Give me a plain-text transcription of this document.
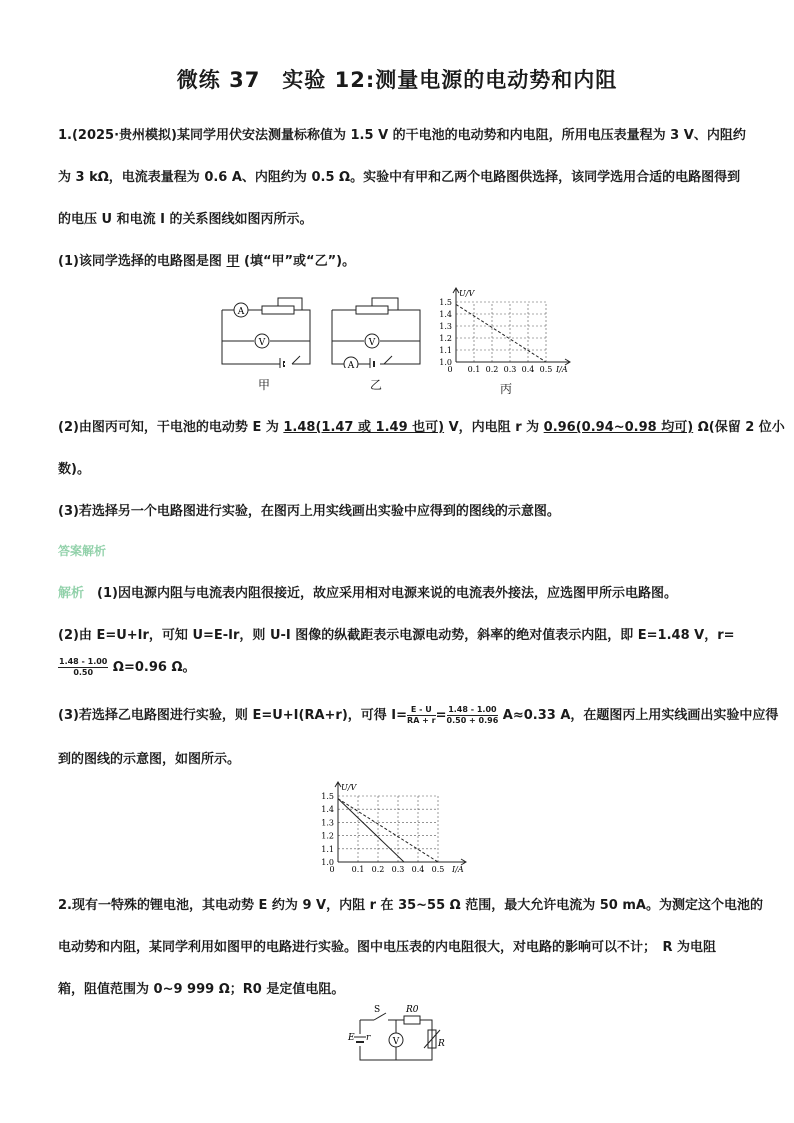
微练 37　实验 12:测量电源的电动势和内阻
1.(2025·贵州模拟)某同学用伏安法测量标称值为 1.5 V 的干电池的电动势和内电阻，所用电压表量程为 3 V、内阻约
为 3 kΩ，电流表量程为 0.6 A、内阻约为 0.5 Ω。实验中有甲和乙两个电路图供选择，该同学选用合适的电路图得到
的电压 U 和电流 I 的关系图线如图丙所示。
(1)该同学选择的电路图是图 甲 (填“甲”或“乙”)。
A
V
甲
A
V
乙
0 0.1 0.2 0.3 0.4 0.5
1.0
1.1
1.2
1.3
1.4
1.5
U/V
I/A
丙
(2)由图丙可知，干电池的电动势 E 为 1.48(1.47 或 1.49 也可) V，内电阻 r 为 0.96(0.94~0.98 均可) Ω(保留 2 位小
数)。
(3)若选择另一个电路图进行实验，在图丙上用实线画出实验中应得到的图线的示意图。
答案解析
解析　 (1)因电源内阻与电流表内阻很接近，故应采用相对电源来说的电流表外接法，应选图甲所示电路图。
(2)由 E=U+Ir，可知 U=E-Ir，则 U-I 图像的纵截距表示电源电动势，斜率的绝对值表示内阻，即 E=1.48 V，r=
$\frac{1.48 - 1.00}{0.50} \Omega=0.96$ Ω。
(3)若选择乙电路图进行实验，则 E=U+I(RA+r)，可得 $I= \frac{E - U}{RA + r} = \frac{1.48 - 1.00}{0.50 + 0.96} A\approx 0.33$ A，在题图丙上用实线画出实验中应得
到的图线的示意图，如图所示。
0 0.1 0.2 0.3 0.4 0.5
1.0
1.1
1.2
1.3
1.4
1.5
U/V
I/A
2.现有一特殊的锂电池，其电动势 E 约为 9 V，内阻 r 在 35~55 Ω 范围，最大允许电流为 50 mA。为测定这个电池的
电动势和内阻，某同学利用如图甲的电路进行实验。图中电压表的内电阻很大，对电路的影响可以不计；　R 为电阻
箱，阻值范围为 0~9 999 Ω；R0 是定值电阻。
V
S	R0
E r
R
